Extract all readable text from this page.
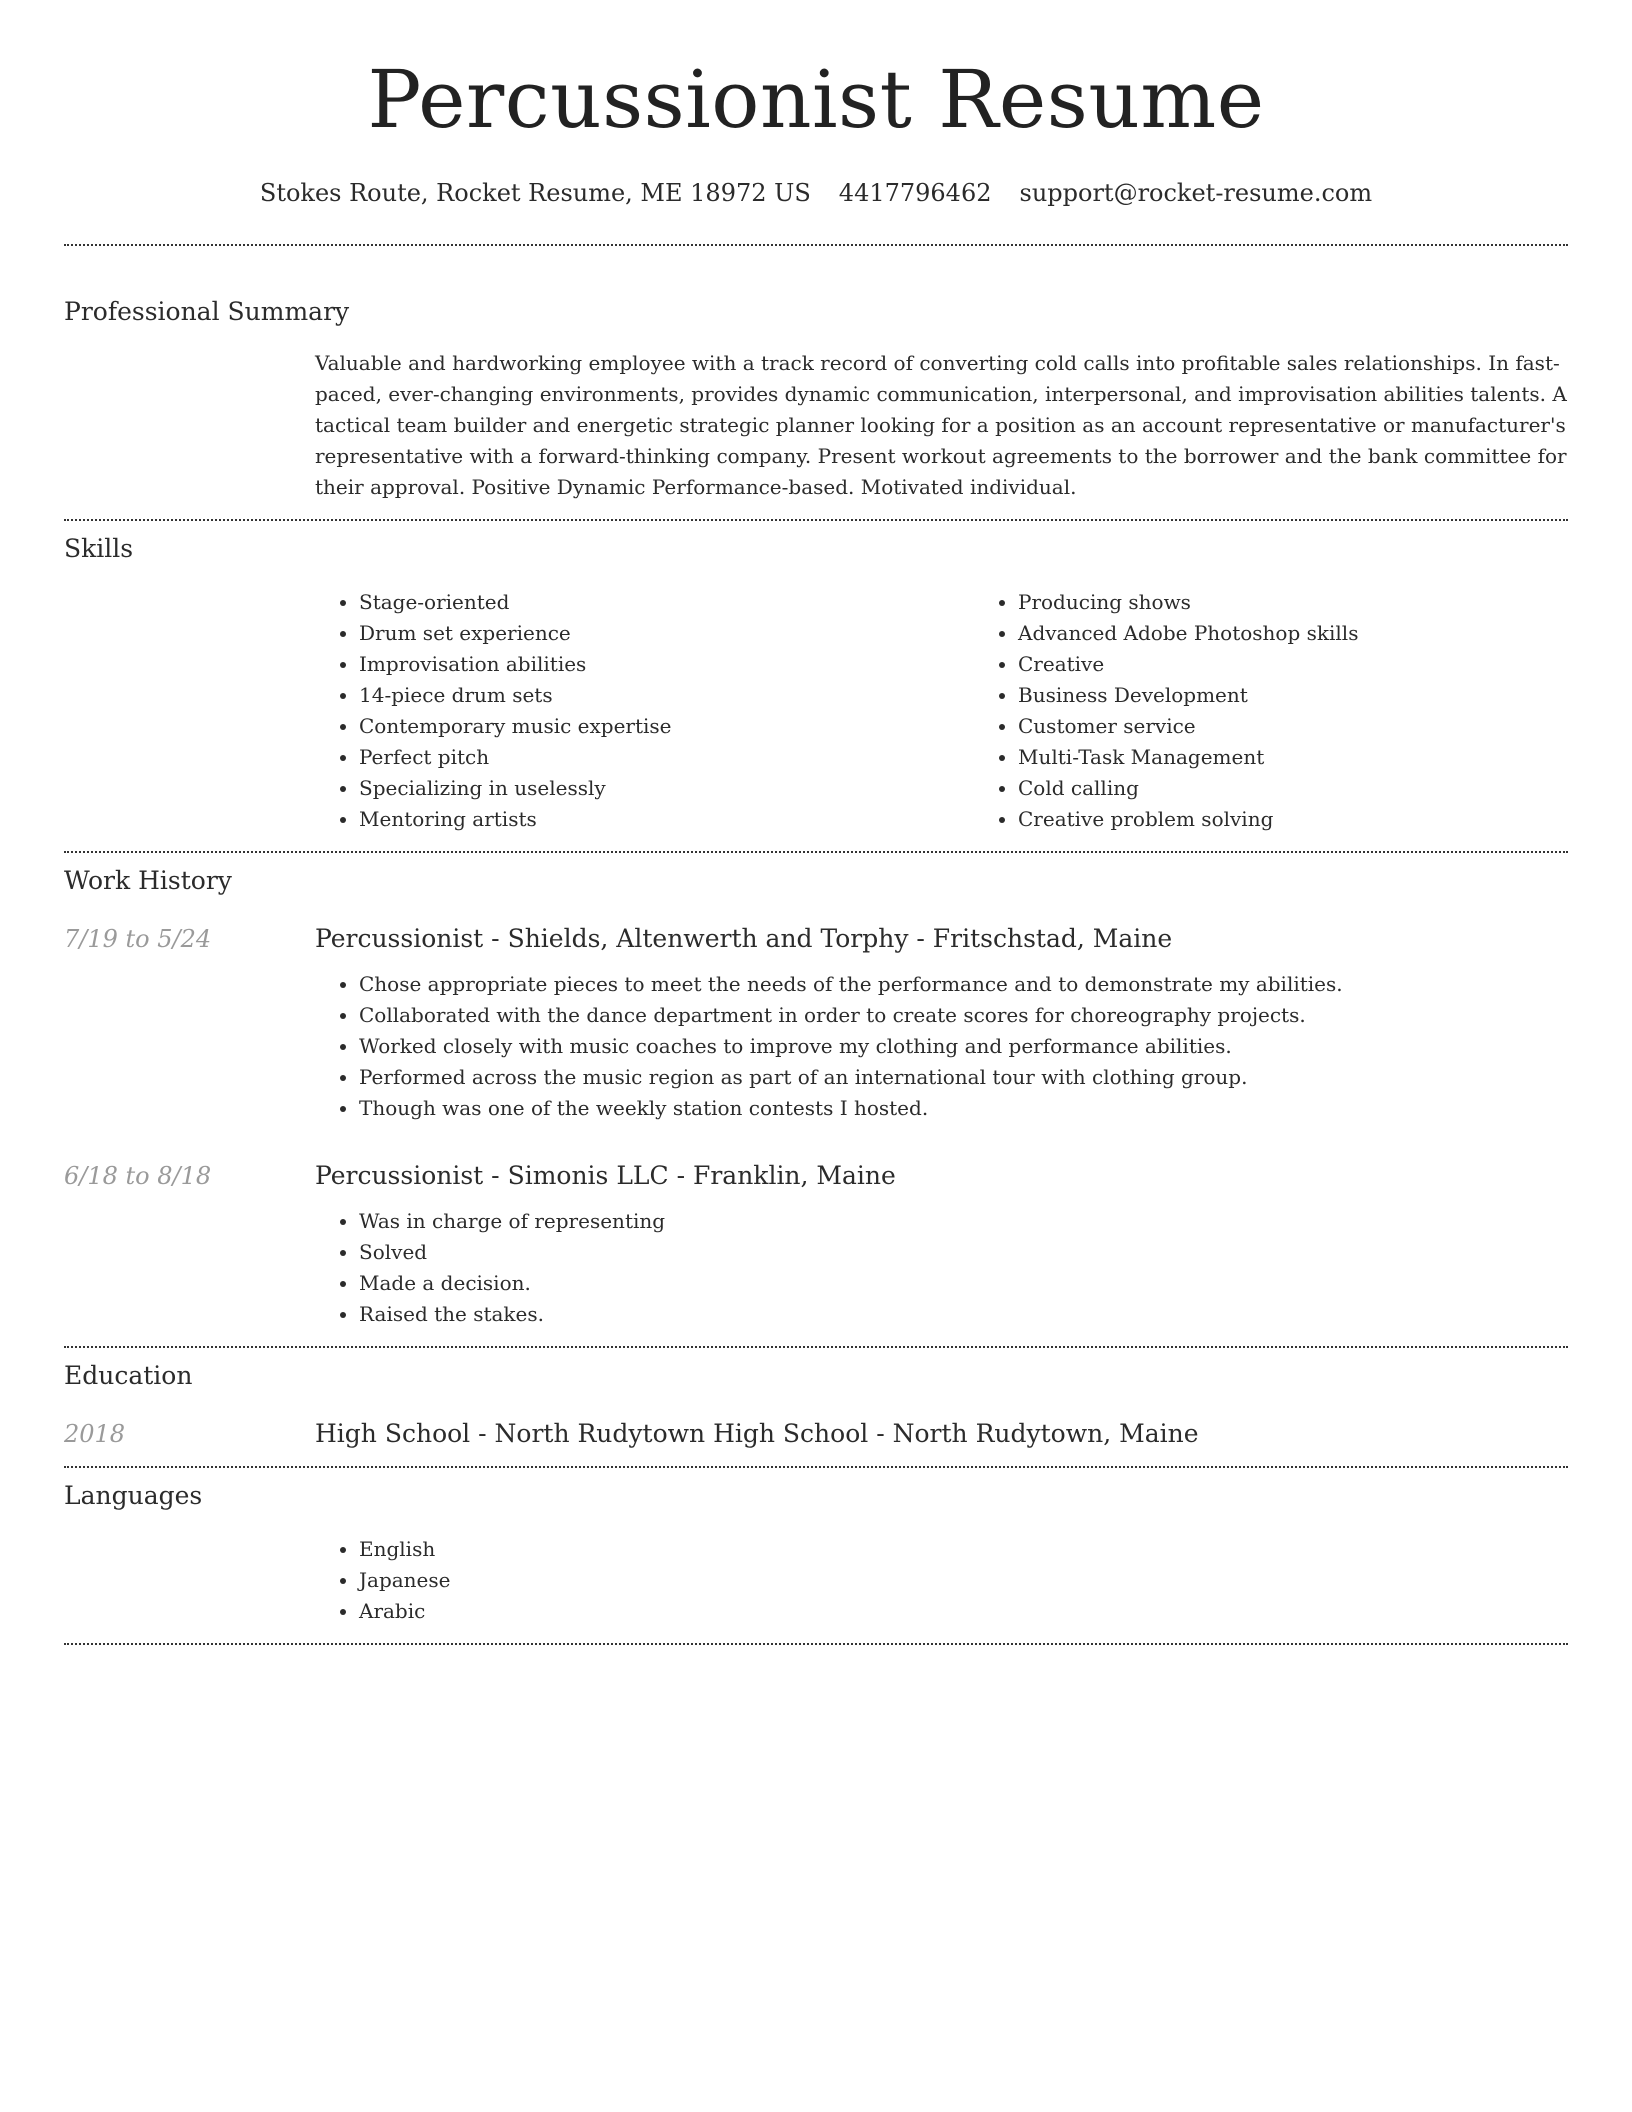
Percussionist Resume
Stokes Route, Rocket Resume, ME 18972 US 4417796462 support@rocket-resume.com
Professional Summary

Valuable and hardworking employee with a track record of converting cold calls into profitable sales relationships. In fast-paced, ever-changing environments, provides dynamic communication, interpersonal, and improvisation abilities talents. A tactical team builder and energetic strategic planner looking for a position as an account representative or manufacturer's representative with a forward-thinking company. Present workout agreements to the borrower and the bank committee for their approval. Positive Dynamic Performance-based. Motivated individual.

Skills
• Stage-oriented
• Drum set experience
• Improvisation abilities
• 14-piece drum sets
• Contemporary music expertise
• Perfect pitch
• Specializing in uselessly
• Mentoring artists
• Producing shows
• Advanced Adobe Photoshop skills
• Creative
• Business Development
• Customer service
• Multi-Task Management
• Cold calling
• Creative problem solving
Work History
7/19 to 5/24	Percussionist - Shields, Altenwerth and Torphy - Fritschstad, Maine
• Chose appropriate pieces to meet the needs of the performance and to demonstrate my abilities.
• Collaborated with the dance department in order to create scores for choreography projects.
• Worked closely with music coaches to improve my clothing and performance abilities.
• Performed across the music region as part of an international tour with clothing group.
• Though was one of the weekly station contests I hosted.
6/18 to 8/18	Percussionist - Simonis LLC - Franklin, Maine
• Was in charge of representing
• Solved
• Made a decision.
• Raised the stakes.
Education
2018	High School - North Rudytown High School - North Rudytown, Maine
Languages
• English
• Japanese
• Arabic
